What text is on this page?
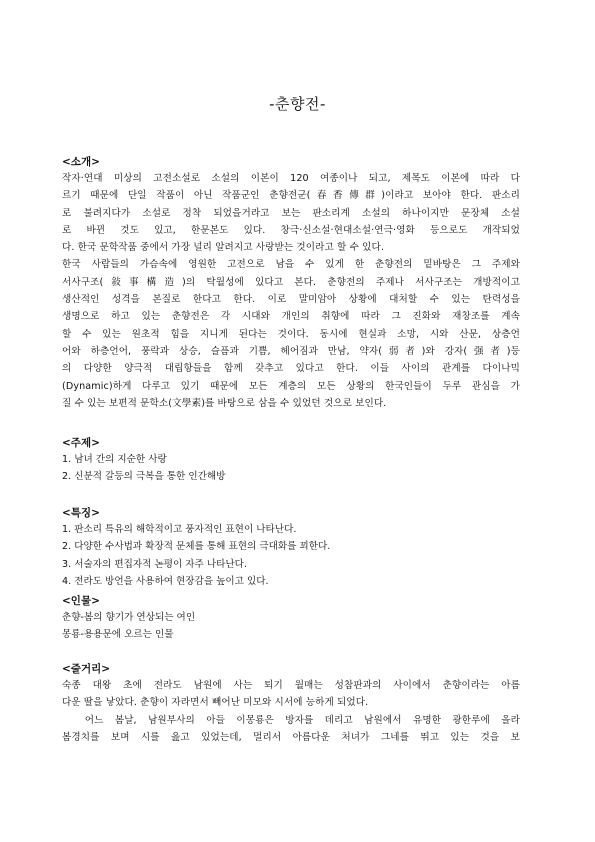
-춘향전-
<소개>

작자·연대 미상의 고전소설로 소설의 이본이 120 여종이나 되고, 제목도 이본에 따라 다

르기 때문에 단일 작품이 아닌 작품군인 춘향전군(春香傳群)이라고 보아야 한다. 판소리

로 불려지다가 소설로 정착 되었을거라고 보는 판소리계 소설의 하나이지만 문장체 소설

로 바뀐 것도 있고, 한문본도 있다. 창극·신소설·현대소설·연극·영화 등으로도 개작되었

다. 한국 문학작품 중에서 가장 널리 알려지고 사랑받는 것이라고 할 수 있다.

한국 사람들의 가슴속에 영원한 고전으로 남을 수 있게 한 춘향전의 밑바탕은 그 주제와

서사구조(敍事構造)의 탁월성에 있다고 본다. 춘향전의 주제나 서사구조는 개방적이고

생산적인 성격을 본질로 한다고 한다. 이로 말미암아 상황에 대처할 수 있는 탄력성을

생명으로 하고 있는 춘향전은 각 시대와 개인의 취향에 따라 그 진화와 재창조를 계속

할 수 있는 원초적 힘을 지니게 된다는 것이다. 동시에 현실과 소망, 시와 산문, 상층언

어와 하층언어, 풍락과 상승, 슬픔과 기쁨, 헤어짐과 만남, 약자(弱者)와 강자(强者)등

의 다양한 양극적 대립항들을 함께 갖추고 있다고 한다. 이들 사이의 관계를 다이나믹

(Dynamic)하게 다루고 있기 때문에 모든 계층의 모든 상황의 한국인들이 두루 관심을 가

질 수 있는 보편적 문학소(文學素)를 바탕으로 삼을 수 있었던 것으로 보인다.

<주제>
1. 남녀 간의 지순한 사랑
2. 신분적 갈등의 극복을 통한 인간해방
<특징>
1. 판소리 특유의 해학적이고 풍자적인 표현이 나타난다.
2. 다양한 수사법과 확장적 문체를 통해 표현의 극대화를 꾀한다.
3. 서술자의 편집자적 논평이 자주 나타난다.
4. 전라도 방언을 사용하여 현장감을 높이고 있다.
<인물>
춘향-봄의 향기가 연상되는 여인
몽룡-용용문에 오르는 인물
<줄거리>

숙종 대왕 초에 전라도 남원에 사는 퇴기 월매는 성참판과의 사이에서 춘향이라는 아름

다운 딸을 낳았다. 춘향이 자라면서 빼어난 미모와 시서에 능하게 되었다.

어느 봄날, 남원부사의 아들 이몽룡은 방자를 데리고 남원에서 유명한 광한루에 올라

봄경치를 보며 시를 읊고 있었는데, 멀리서 아름다운 처녀가 그네를 뛰고 있는 것을 보
